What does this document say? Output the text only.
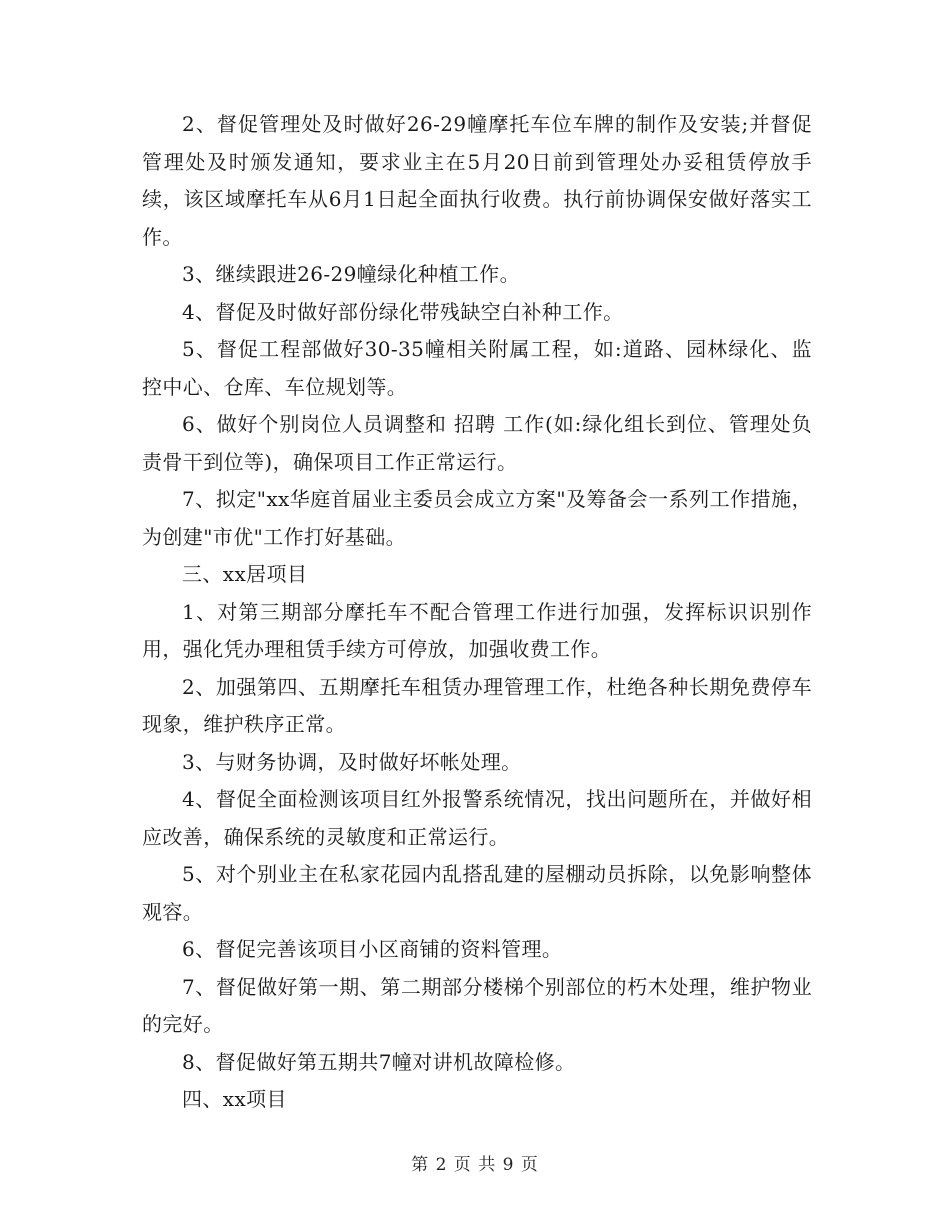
2、督促管理处及时做好26-29幢摩托车位车牌的制作及安装;并督促管理处及时颁发通知，要求业主在5月20日前到管理处办妥租赁停放手续，该区域摩托车从6月1日起全面执行收费。执行前协调保安做好落实工作。

3、继续跟进26-29幢绿化种植工作。

4、督促及时做好部份绿化带残缺空白补种工作。

5、督促工程部做好30-35幢相关附属工程，如:道路、园林绿化、监控中心、仓库、车位规划等。

6、做好个别岗位人员调整和 招聘 工作(如:绿化组长到位、管理处负责骨干到位等)，确保项目工作正常运行。

7、拟定"xx华庭首届业主委员会成立方案"及筹备会一系列工作措施，为创建"市优"工作打好基础。

三、xx居项目

1、对第三期部分摩托车不配合管理工作进行加强，发挥标识识别作用，强化凭办理租赁手续方可停放，加强收费工作。

2、加强第四、五期摩托车租赁办理管理工作，杜绝各种长期免费停车现象，维护秩序正常。

3、与财务协调，及时做好坏帐处理。

4、督促全面检测该项目红外报警系统情况，找出问题所在，并做好相应改善，确保系统的灵敏度和正常运行。

5、对个别业主在私家花园内乱搭乱建的屋棚动员拆除，以免影响整体观容。

6、督促完善该项目小区商铺的资料管理。

7、督促做好第一期、第二期部分楼梯个别部位的朽木处理，维护物业的完好。

8、督促做好第五期共7幢对讲机故障检修。

四、xx项目

第 2 页 共 9 页
